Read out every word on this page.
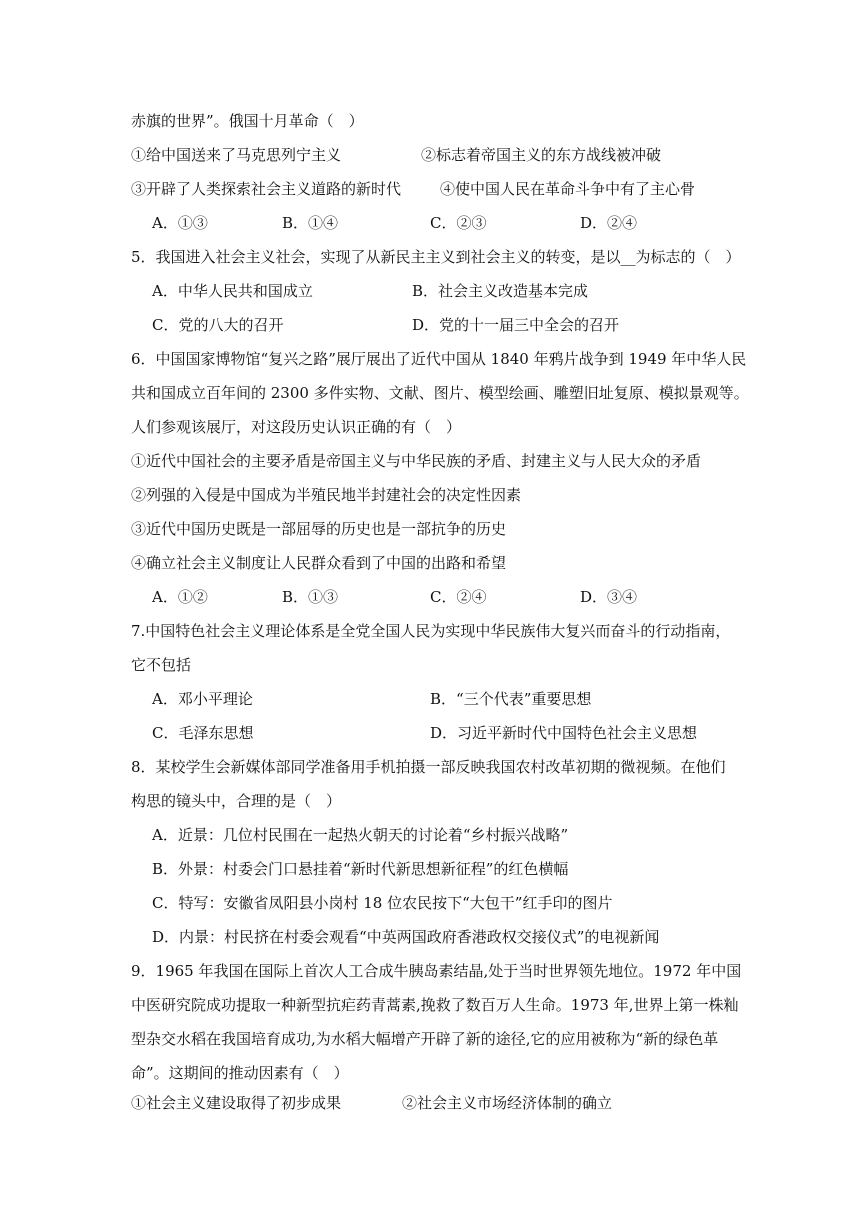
赤旗的世界”。俄国十月革命（　）
①给中国送来了马克思列宁主义	②标志着帝国主义的东方战线被冲破
③开辟了人类探索社会主义道路的新时代	④使中国人民在革命斗争中有了主心骨
A．①③	B．①④	C．②③	D．②④
5．我国进入社会主义社会，实现了从新民主主义到社会主义的转变，是以__为标志的（　）
A．中华人民共和国成立	B．社会主义改造基本完成
C．党的八大的召开	D．党的十一届三中全会的召开
6．中国国家博物馆“复兴之路”展厅展出了近代中国从 1840 年鸦片战争到 1949 年中华人民
共和国成立百年间的 2300 多件实物、文献、图片、模型绘画、雕塑旧址复原、模拟景观等。
人们参观该展厅，对这段历史认识正确的有（　）
①近代中国社会的主要矛盾是帝国主义与中华民族的矛盾、封建主义与人民大众的矛盾
②列强的入侵是中国成为半殖民地半封建社会的决定性因素
③近代中国历史既是一部屈辱的历史也是一部抗争的历史
④确立社会主义制度让人民群众看到了中国的出路和希望
A．①②	B．①③	C．②④	D．③④
7.中国特色社会主义理论体系是全党全国人民为实现中华民族伟大复兴而奋斗的行动指南，
它不包括
A．邓小平理论	B．“三个代表”重要思想
C．毛泽东思想	D．习近平新时代中国特色社会主义思想
8．某校学生会新媒体部同学准备用手机拍摄一部反映我国农村改革初期的微视频。在他们
构思的镜头中，合理的是（　）
A．近景：几位村民围在一起热火朝天的讨论着“乡村振兴战略”
B．外景：村委会门口悬挂着“新时代新思想新征程”的红色横幅
C．特写：安徽省凤阳县小岗村 18 位农民按下“大包干”红手印的图片
D．内景：村民挤在村委会观看“中英两国政府香港政权交接仪式”的电视新闻
9．1965 年我国在国际上首次人工合成牛胰岛素结晶,处于当时世界领先地位。1972 年中国
中医研究院成功提取一种新型抗疟药青蒿素,挽救了数百万人生命。1973 年,世界上第一株籼
型杂交水稻在我国培育成功,为水稻大幅增产开辟了新的途径,它的应用被称为“新的绿色革
命”。这期间的推动因素有（　）
①社会主义建设取得了初步成果	②社会主义市场经济体制的确立
